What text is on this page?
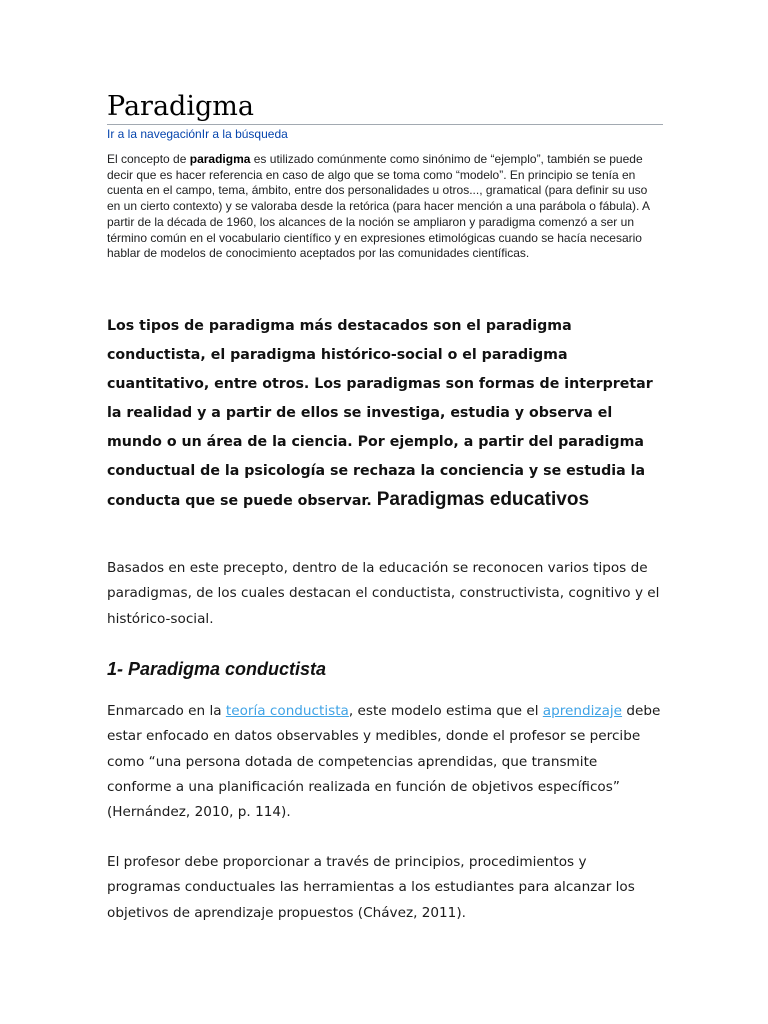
Paradigma
Ir a la navegaciónIr a la búsqueda
El concepto de paradigma es utilizado comúnmente como sinónimo de “ejemplo”, también se puede decir que es hacer referencia en caso de algo que se toma como “modelo”. En principio se tenía en cuenta en el campo, tema, ámbito, entre dos personalidades u otros..., gramatical (para definir su uso en un cierto contexto) y se valoraba desde la retórica (para hacer mención a una parábola o fábula). A partir de la década de 1960, los alcances de la noción se ampliaron y paradigma comenzó a ser un término común en el vocabulario científico y en expresiones etimológicas cuando se hacía necesario hablar de modelos de conocimiento aceptados por las comunidades científicas.
Los tipos de paradigma más destacados son el paradigma conductista, el paradigma histórico-social o el paradigma cuantitativo, entre otros. Los paradigmas son formas de interpretar la realidad y a partir de ellos se investiga, estudia y observa el mundo o un área de la ciencia. Por ejemplo, a partir del paradigma conductual de la psicología se rechaza la conciencia y se estudia la conducta que se puede observar. Paradigmas educativos
Basados en este precepto, dentro de la educación se reconocen varios tipos de paradigmas, de los cuales destacan el conductista, constructivista, cognitivo y el histórico-social.
1- Paradigma conductista
Enmarcado en la teoría conductista, este modelo estima que el aprendizaje debe estar enfocado en datos observables y medibles, donde el profesor se percibe como “una persona dotada de competencias aprendidas, que transmite conforme a una planificación realizada en función de objetivos específicos” (Hernández, 2010, p. 114).
El profesor debe proporcionar a través de principios, procedimientos y programas conductuales las herramientas a los estudiantes para alcanzar los objetivos de aprendizaje propuestos (Chávez, 2011).
